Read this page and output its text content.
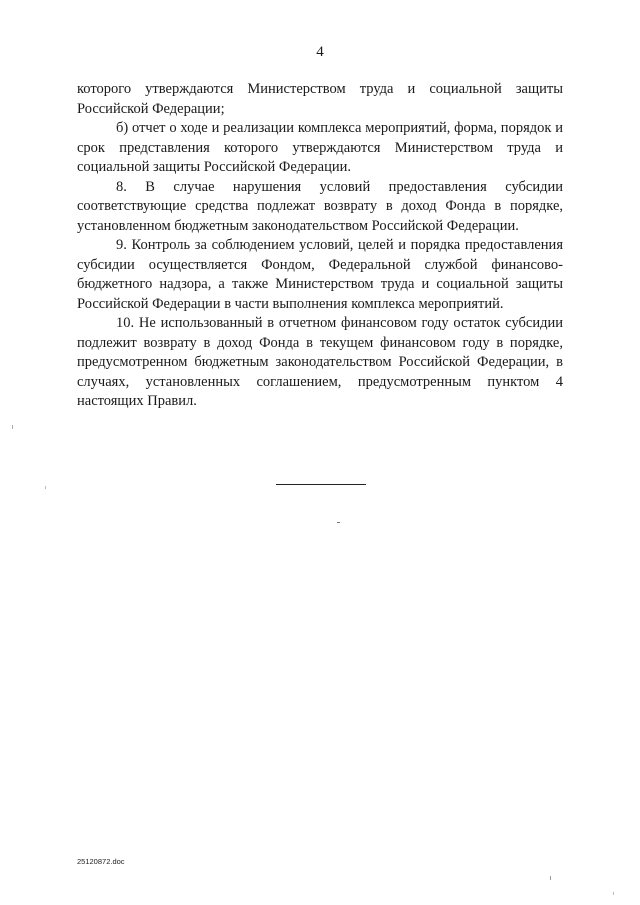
4

которого утверждаются Министерством труда и социальной защиты Российской Федерации;

б) отчет о ходе и реализации комплекса мероприятий, форма, порядок и срок представления которого утверждаются Министерством труда и социальной защиты Российской Федерации.

8. В случае нарушения условий предоставления субсидии соответствующие средства подлежат возврату в доход Фонда в порядке, установленном бюджетным законодательством Российской Федерации.

9. Контроль за соблюдением условий, целей и порядка предоставления субсидии осуществляется Фондом, Федеральной службой финансово-бюджетного надзора, а также Министерством труда и социальной защиты Российской Федерации в части выполнения комплекса мероприятий.

10. Не использованный в отчетном финансовом году остаток субсидии подлежит возврату в доход Фонда в текущем финансовом году в порядке, предусмотренном бюджетным законодательством Российской Федерации, в случаях, установленных соглашением, предусмотренным пунктом 4 настоящих Правил.

25120872.doc
